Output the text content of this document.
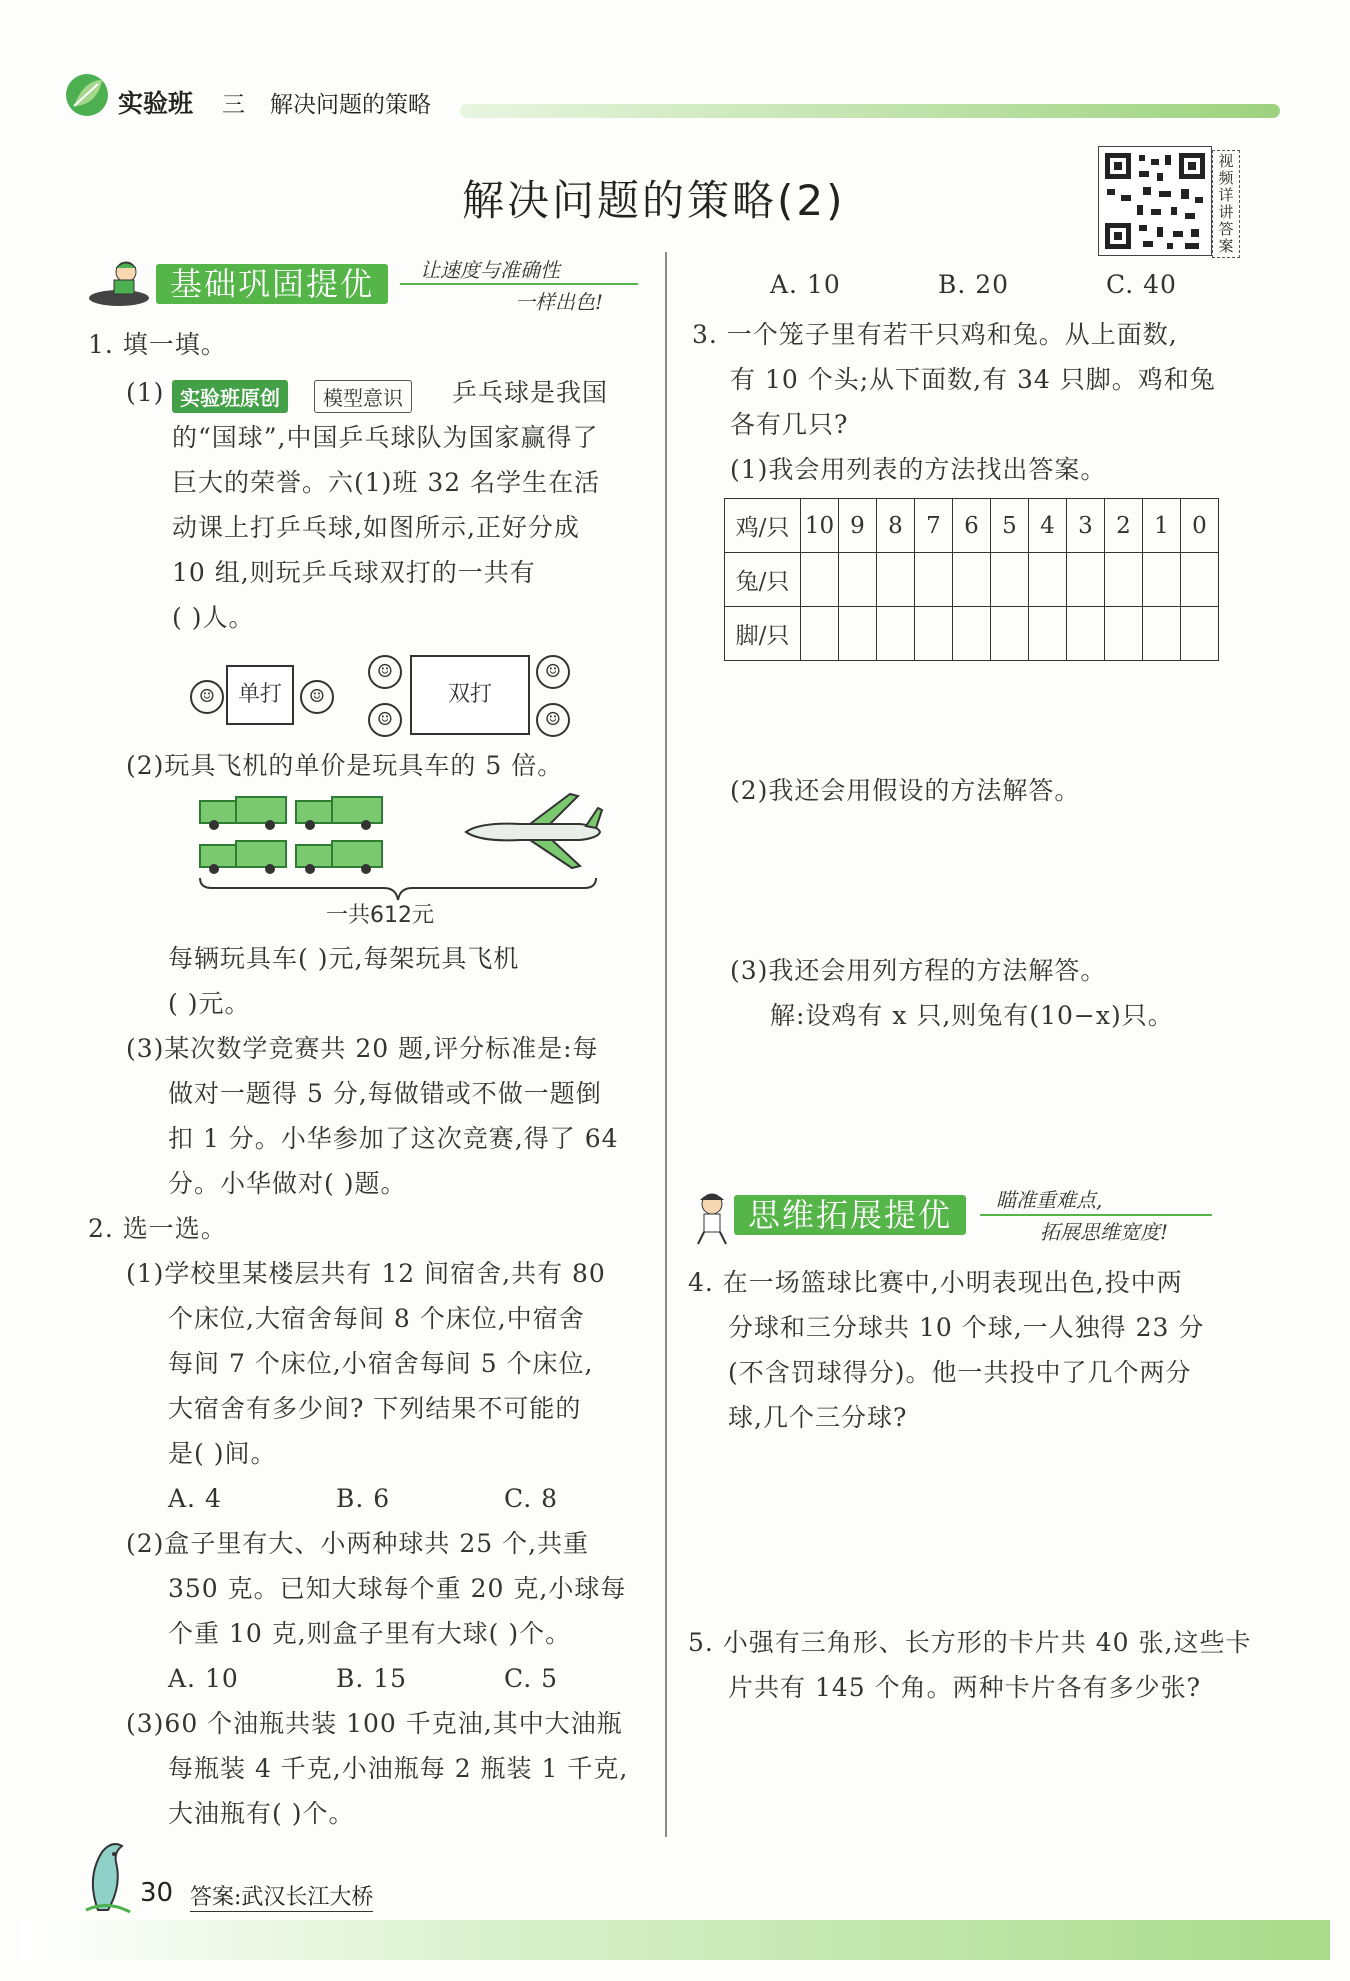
实验班 三 解决问题的策略
解决问题的策略(2)
视频详讲答案
基础巩固提优	让速度与准确性
一样出色!
1. 填一填。
(1) 实验班原创	模型意识	乒乓球是我国
的“国球”,中国乒乓球队为国家赢得了
巨大的荣誉。六(1)班 32 名学生在活
动课上打乒乓球,如图所示,正好分成
10 组,则玩乒乓球双打的一共有
( )人。
☺	单打	☺
☺
☺
双打
☺
☺
(2)玩具飞机的单价是玩具车的 5 倍。
一共612元
每辆玩具车( )元,每架玩具飞机
( )元。
(3)某次数学竞赛共 20 题,评分标准是:每
做对一题得 5 分,每做错或不做一题倒
扣 1 分。小华参加了这次竞赛,得了 64
分。小华做对( )题。
2. 选一选。
(1)学校里某楼层共有 12 间宿舍,共有 80
个床位,大宿舍每间 8 个床位,中宿舍
每间 7 个床位,小宿舍每间 5 个床位,
大宿舍有多少间? 下列结果不可能的
是( )间。
A. 4	B. 6	C. 8
(2)盒子里有大、小两种球共 25 个,共重
350 克。已知大球每个重 20 克,小球每
个重 10 克,则盒子里有大球( )个。
A. 10	B. 15	C. 5
(3)60 个油瓶共装 100 千克油,其中大油瓶
每瓶装 4 千克,小油瓶每 2 瓶装 1 千克,
大油瓶有( )个。
A. 10	B. 20	C. 40
3. 一个笼子里有若干只鸡和兔。从上面数,
有 10 个头;从下面数,有 34 只脚。鸡和兔
各有几只?
(1)我会用列表的方法找出答案。
鸡/只	10	9	8	7	6	5	4	3	2	1	0
兔/只											
脚/只											
(2)我还会用假设的方法解答。
(3)我还会用列方程的方法解答。
解:设鸡有 x 只,则兔有(10−x)只。
思维拓展提优	瞄准重难点,
拓展思维宽度!
4. 在一场篮球比赛中,小明表现出色,投中两
分球和三分球共 10 个球,一人独得 23 分
(不含罚球得分)。他一共投中了几个两分
球,几个三分球?
5. 小强有三角形、长方形的卡片共 40 张,这些卡
片共有 145 个角。两种卡片各有多少张?
30 答案:武汉长江大桥
